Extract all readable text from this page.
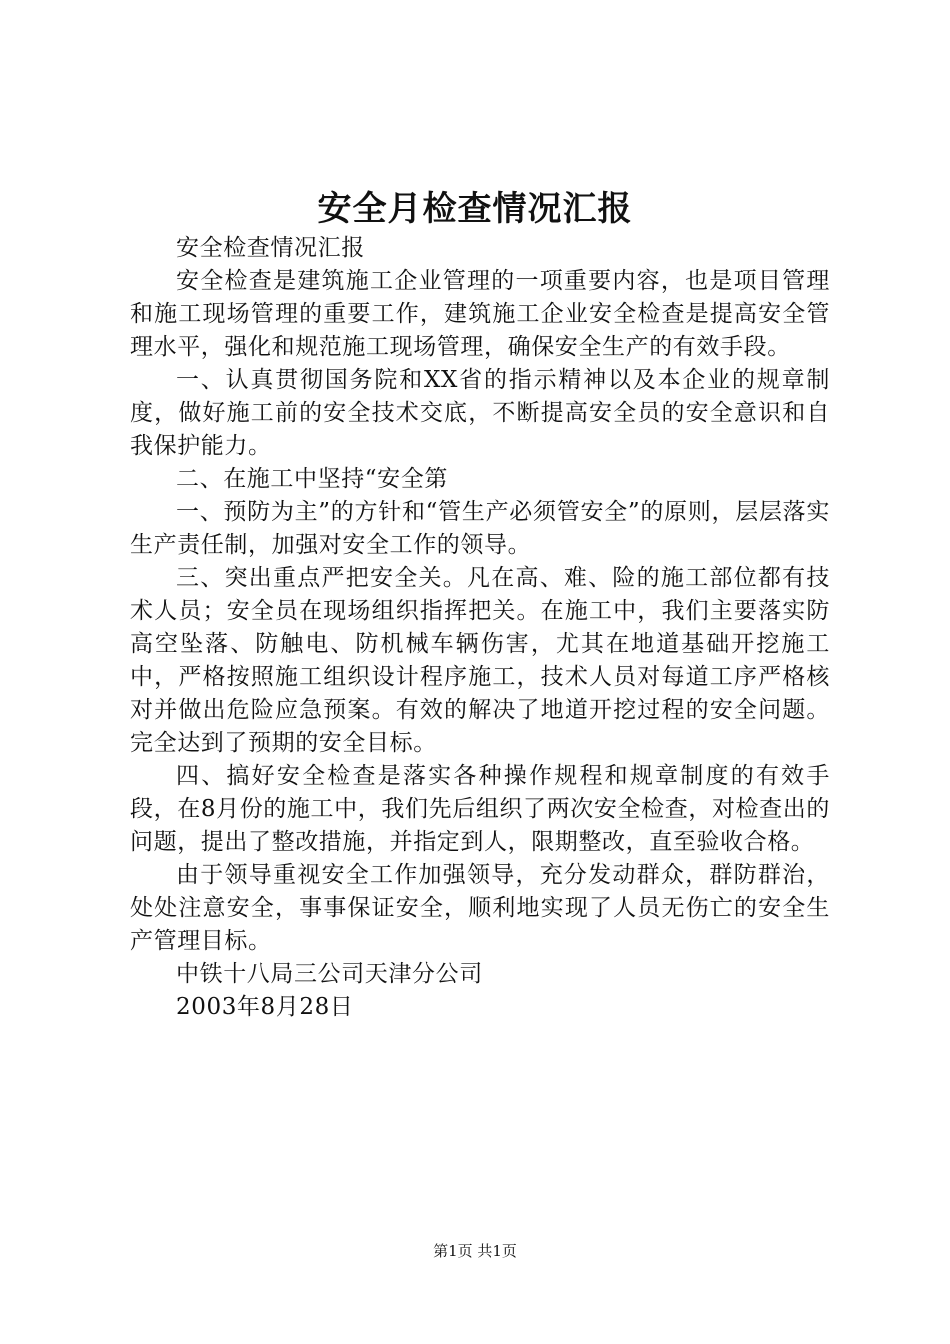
安全月检查情况汇报

安全检查情况汇报

安全检查是建筑施工企业管理的一项重要内容，也是项目管理和施工现场管理的重要工作，建筑施工企业安全检查是提高安全管理水平，强化和规范施工现场管理，确保安全生产的有效手段。

一、认真贯彻国务院和XX省的指示精神以及本企业的规章制度，做好施工前的安全技术交底，不断提高安全员的安全意识和自我保护能力。

二、在施工中坚持“安全第

一、预防为主”的方针和“管生产必须管安全”的原则，层层落实生产责任制，加强对安全工作的领导。

三、突出重点严把安全关。凡在高、难、险的施工部位都有技术人员；安全员在现场组织指挥把关。在施工中，我们主要落实防高空坠落、防触电、防机械车辆伤害，尤其在地道基础开挖施工中，严格按照施工组织设计程序施工，技术人员对每道工序严格核对并做出危险应急预案。有效的解决了地道开挖过程的安全问题。完全达到了预期的安全目标。

四、搞好安全检查是落实各种操作规程和规章制度的有效手段，在8月份的施工中，我们先后组织了两次安全检查，对检查出的问题，提出了整改措施，并指定到人，限期整改，直至验收合格。

由于领导重视安全工作加强领导，充分发动群众，群防群治，处处注意安全，事事保证安全，顺利地实现了人员无伤亡的安全生产管理目标。

中铁十八局三公司天津分公司

2003年8月28日

第1页 共1页
